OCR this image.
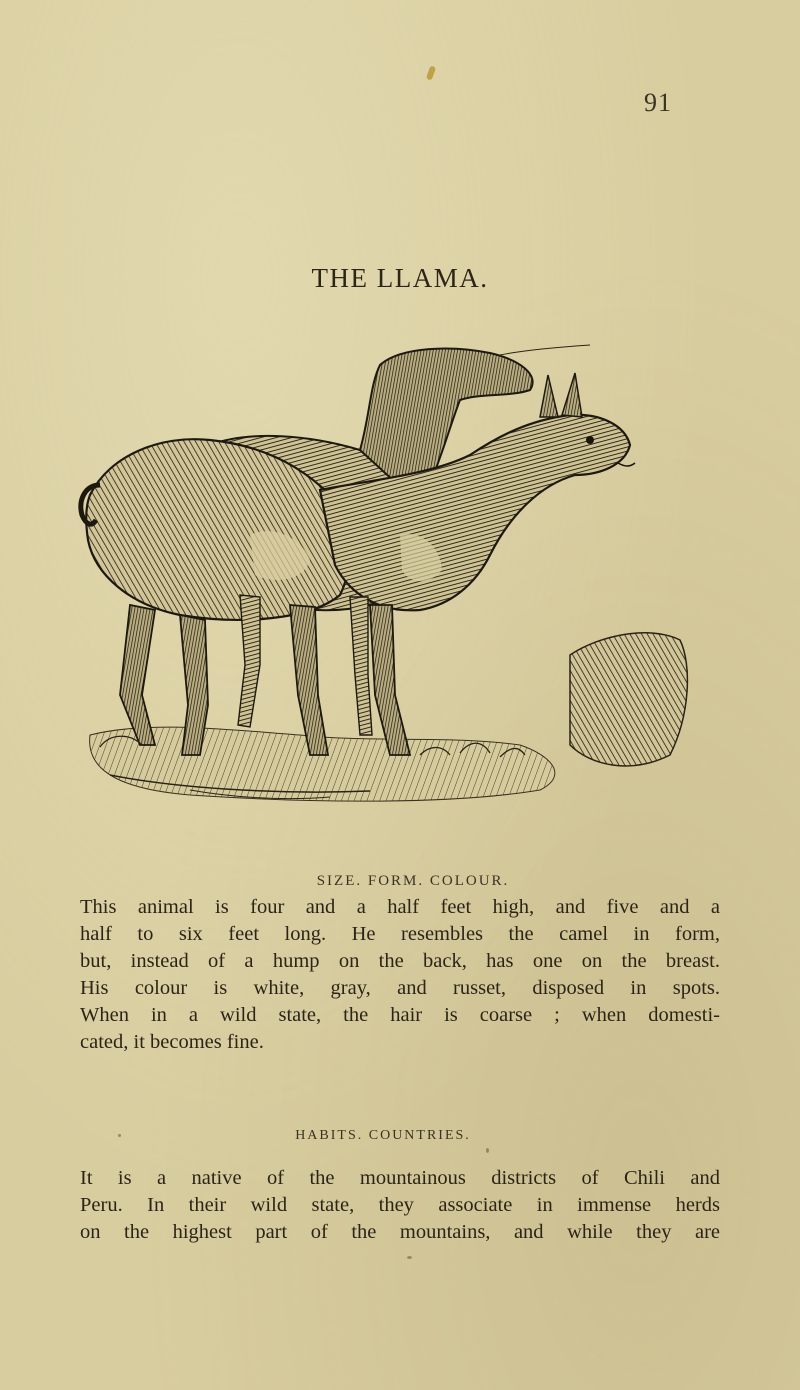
91
THE LLAMA.
SIZE. FORM. COLOUR.
This animal is four and a half feet high, and five and a
half to six feet long. He resembles the camel in form,
but, instead of a hump on the back, has one on the breast.
His colour is white, gray, and russet, disposed in spots.
When in a wild state, the hair is coarse ; when domesti-
cated, it becomes fine.
HABITS. COUNTRIES.
It is a native of the mountainous districts of Chili and
Peru. In their wild state, they associate in immense herds
on the highest part of the mountains, and while they are
